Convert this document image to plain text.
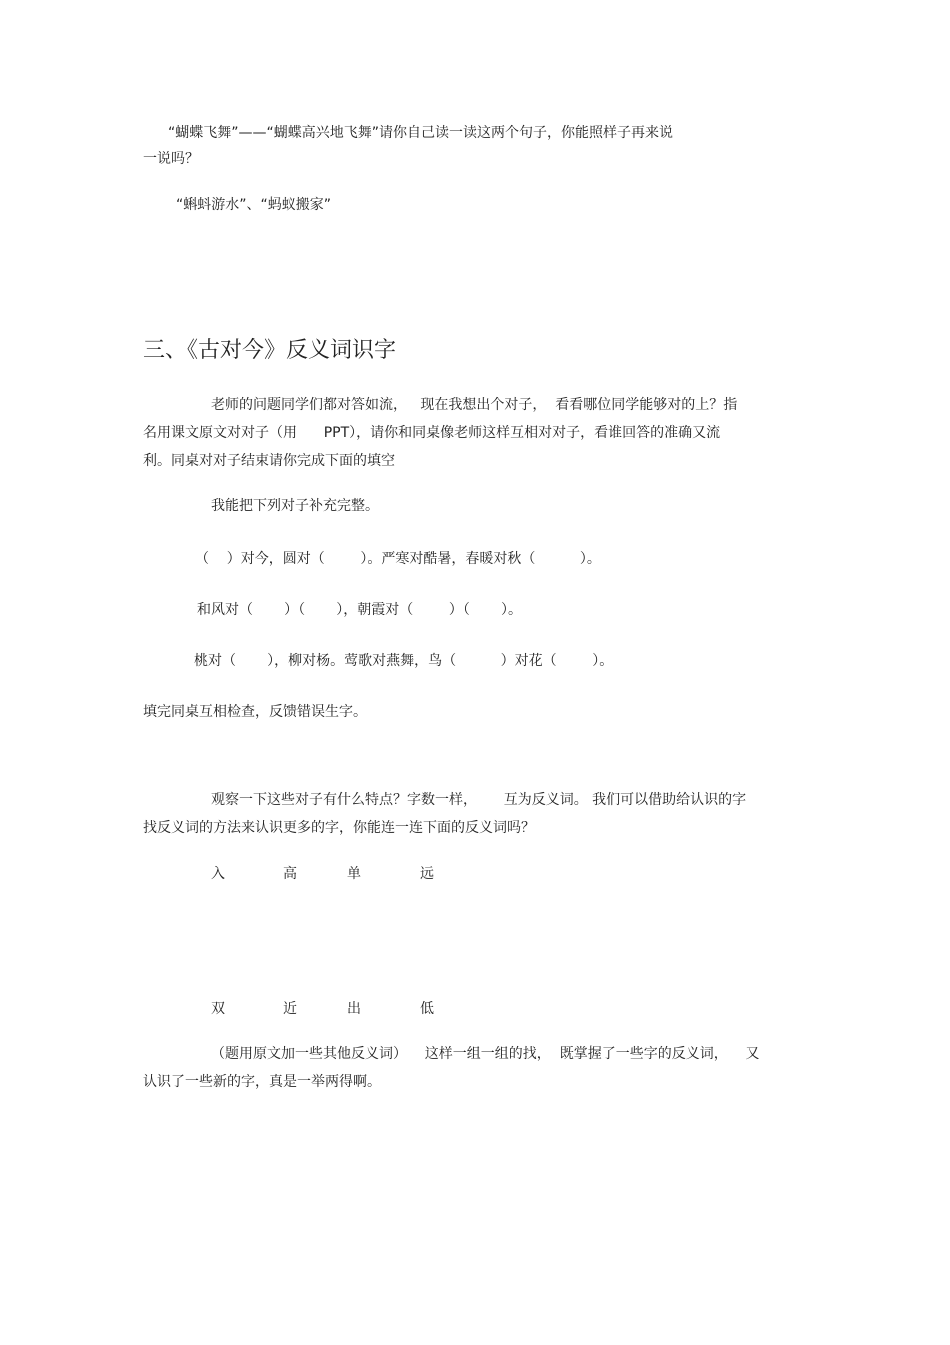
“蝴蝶飞舞”——“蝴蝶高兴地飞舞”请你自己读一读这两个句子，你能照样子再来说
一说吗？
“蝌蚪游水”、“蚂蚁搬家”
三、《古对今》反义词识字
老师的问题同学们都对答如流，   现在我想出个对子，  看看哪位同学能够对的上？指
名用课文原文对对子（用      PPT），请你和同桌像老师这样互相对对子，看谁回答的准确又流
利。同桌对对子结束请你完成下面的填空
我能把下列对子补充完整。
（    ）对今，圆对（        ）。严寒对酷暑，春暖对秋（          ）。
和风对（       ）（       ），朝霞对（        ）（       ）。
桃对（       ），柳对杨。莺歌对燕舞，鸟（          ）对花（        ）。
填完同桌互相检查，反馈错误生字。
观察一下这些对子有什么特点？字数一样，      互为反义词。 我们可以借助给认识的字
找反义词的方法来认识更多的字，你能连一连下面的反义词吗？
入	高	单	远
双	近	出	低
（题用原文加一些其他反义词）    这样一组一组的找，  既掌握了一些字的反义词，    又
认识了一些新的字，真是一举两得啊。
